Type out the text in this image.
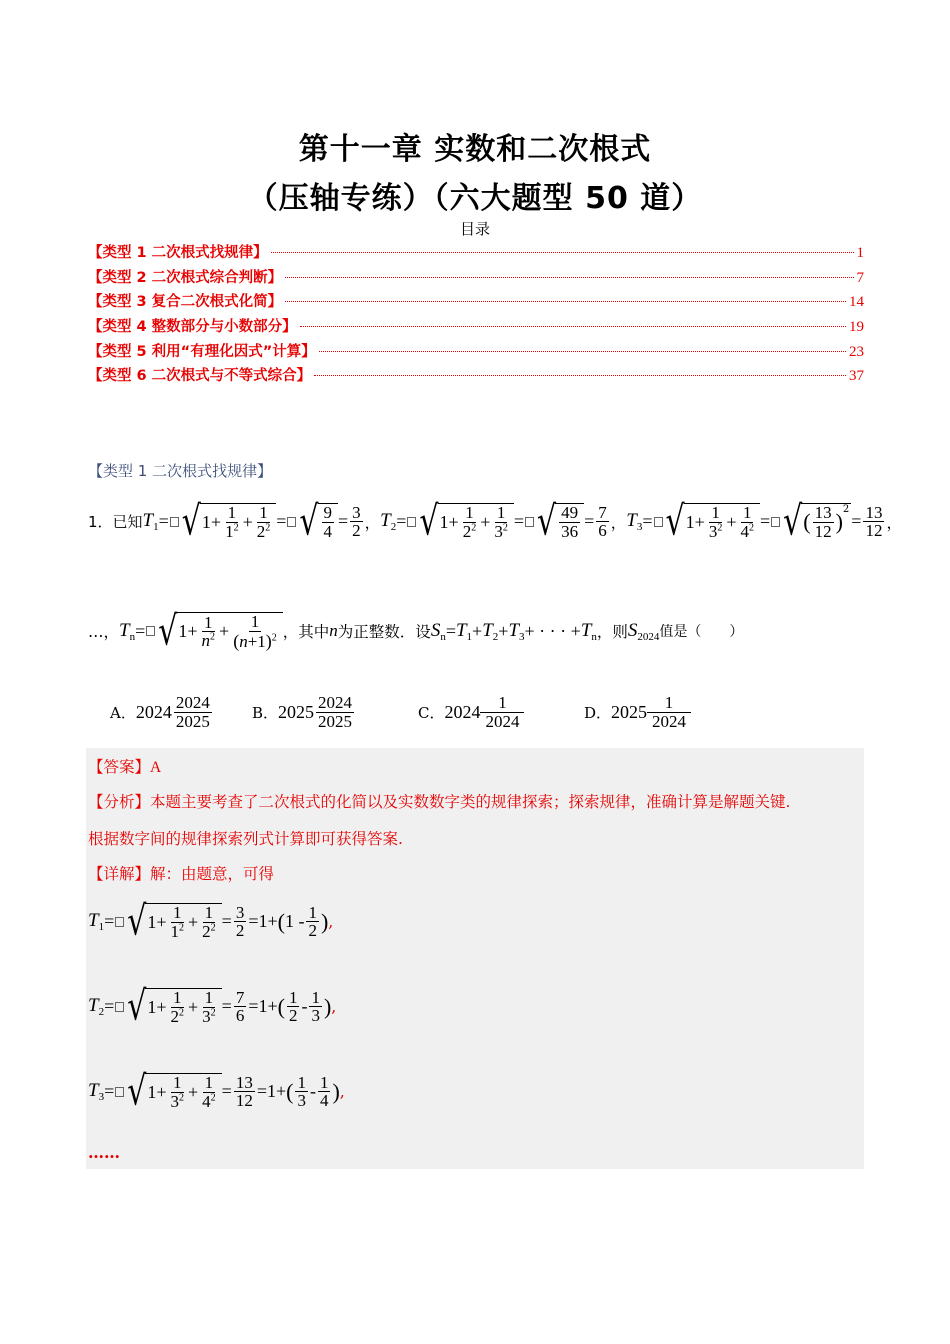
第十一章 实数和二次根式
（压轴专练）（六大题型 50 道）
目录
【类型 1 二次根式找规律】	1
【类型 2 二次根式综合判断】	7
【类型 3 复合二次根式化简】	14
【类型 4 整数部分与小数部分】	19
【类型 5 利用“有理化因式”计算】	23
【类型 6 二次根式与不等式综合】	37
【类型 1 二次根式找规律】
1．已知 $T_1$ = √ $1+ \frac{1}{1^2} + \frac{1}{2^2}$ = √ $\frac{9}{4} = \frac{3}{2}$ ， $T_2$ = √ $1+ \frac{1}{2^2} + \frac{1}{3^2}$ = √ $\frac{49}{36} = \frac{7}{6}$ ， $T_3$ = √ $1+ \frac{1}{3^2} + \frac{1}{4^2}$ = √ ( $\frac{13}{12} )^2$
= $\frac{13}{12}$ ，
…， $T_n$ = √ $1+ \frac{1}{n^2} + \frac{1}{(n+1)^2}$ ，其中 n 为正整数．设 $S_n = T_1 + T_2 + T_3$ + · · · + $T_n$ ，则 $S_{2024}$ 值是（　　）
A． $2024 \frac{2024}{2025}$	B． $2025 \frac{2024}{2025}$	C． $2024 \frac{1}{2024}$	D． $2025 \frac{1}{2024}$
【答案】A
【分析】本题主要考查了二次根式的化简以及实数数字类的规律探索；探索规律，准确计算是解题关键.
根据数字间的规律探索列式计算即可获得答案.
【详解】解：由题意，可得
$T_1$ = √ $1+ \frac{1}{1^2} + \frac{1}{2^2} = \frac{3}{2} =1+$ ( $1 - \frac{1}{2}$ ) ,
$T_2$ = √ $1+ \frac{1}{2^2} + \frac{1}{3^2} = \frac{7}{6} =1+$ ( $\frac{1}{2} - \frac{1}{3}$ ) ,
$T_3$ = √ $1+ \frac{1}{3^2} + \frac{1}{4^2} = \frac{13}{12} =1+$ ( $\frac{1}{3} - \frac{1}{4}$ ) ,
……
